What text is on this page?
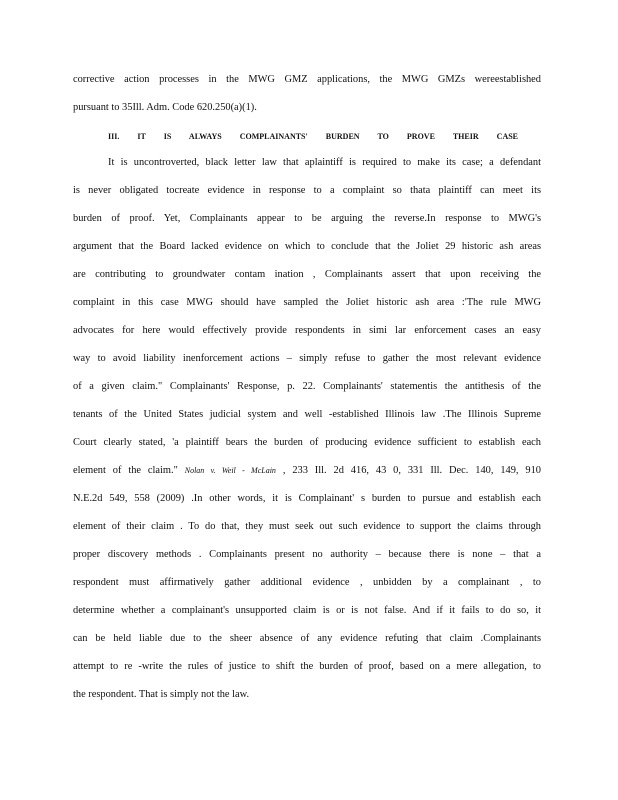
corrective action processes in the MWG GMZ applications, the MWG GMZs wereestablished
pursuant to 35Ill. Adm. Code 620.250(a)(1).
III. IT IS ALWAYS COMPLAINANTS' BURDEN TO PROVE THEIR CASE
It is uncontroverted, black letter law that aplaintiff is required to make its case; a defendant
is never obligated tocreate evidence in response to a complaint so thata plaintiff can meet its
burden of proof. Yet, Complainants appear to be arguing the reverse.In response to MWG's
argument that the Board lacked evidence on which to conclude that the Joliet 29 historic ash areas
are contributing to groundwater contam ination , Complainants assert that upon receiving the
complaint in this case MWG should have sampled the Joliet historic ash area :'The rule MWG
advocates for here would effectively provide respondents in simi lar enforcement cases an easy
way to avoid liability inenforcement actions – simply refuse to gather the most relevant evidence
of a given claim." Complainants' Response, p. 22. Complainants' statementis the antithesis of the
tenants of the United States judicial system and well -established Illinois law .The Illinois Supreme
Court clearly stated, 'a plaintiff bears the burden of producing evidence sufficient to establish each
element of the claim." Nolan v. Weil - McLain , 233 Ill. 2d 416, 43 0, 331 Ill. Dec. 140, 149, 910
N.E.2d 549, 558 (2009) .In other words, it is Complainant' s burden to pursue and establish each
element of their claim . To do that, they must seek out such evidence to support the claims through
proper discovery methods . Complainants present no authority – because there is none – that a
respondent must affirmatively gather additional evidence , unbidden by a complainant , to
determine whether a complainant's unsupported claim is or is not false. And if it fails to do so, it
can be held liable due to the sheer absence of any evidence refuting that claim .Complainants
attempt to re -write the rules of justice to shift the burden of proof, based on a mere allegation, to
the respondent. That is simply not the law.
